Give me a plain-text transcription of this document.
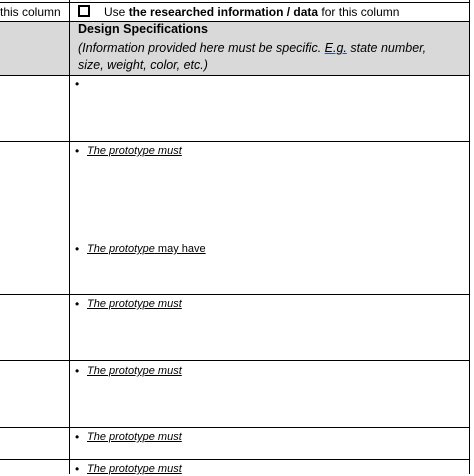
this column	Use the researched information / data for this column
Design Specifications
(Information provided here must be specific. E.g. state number,
size, weight, color, etc.)
•
• The prototype must
• The prototype may have
• The prototype must
• The prototype must
• The prototype must
• The prototype must
